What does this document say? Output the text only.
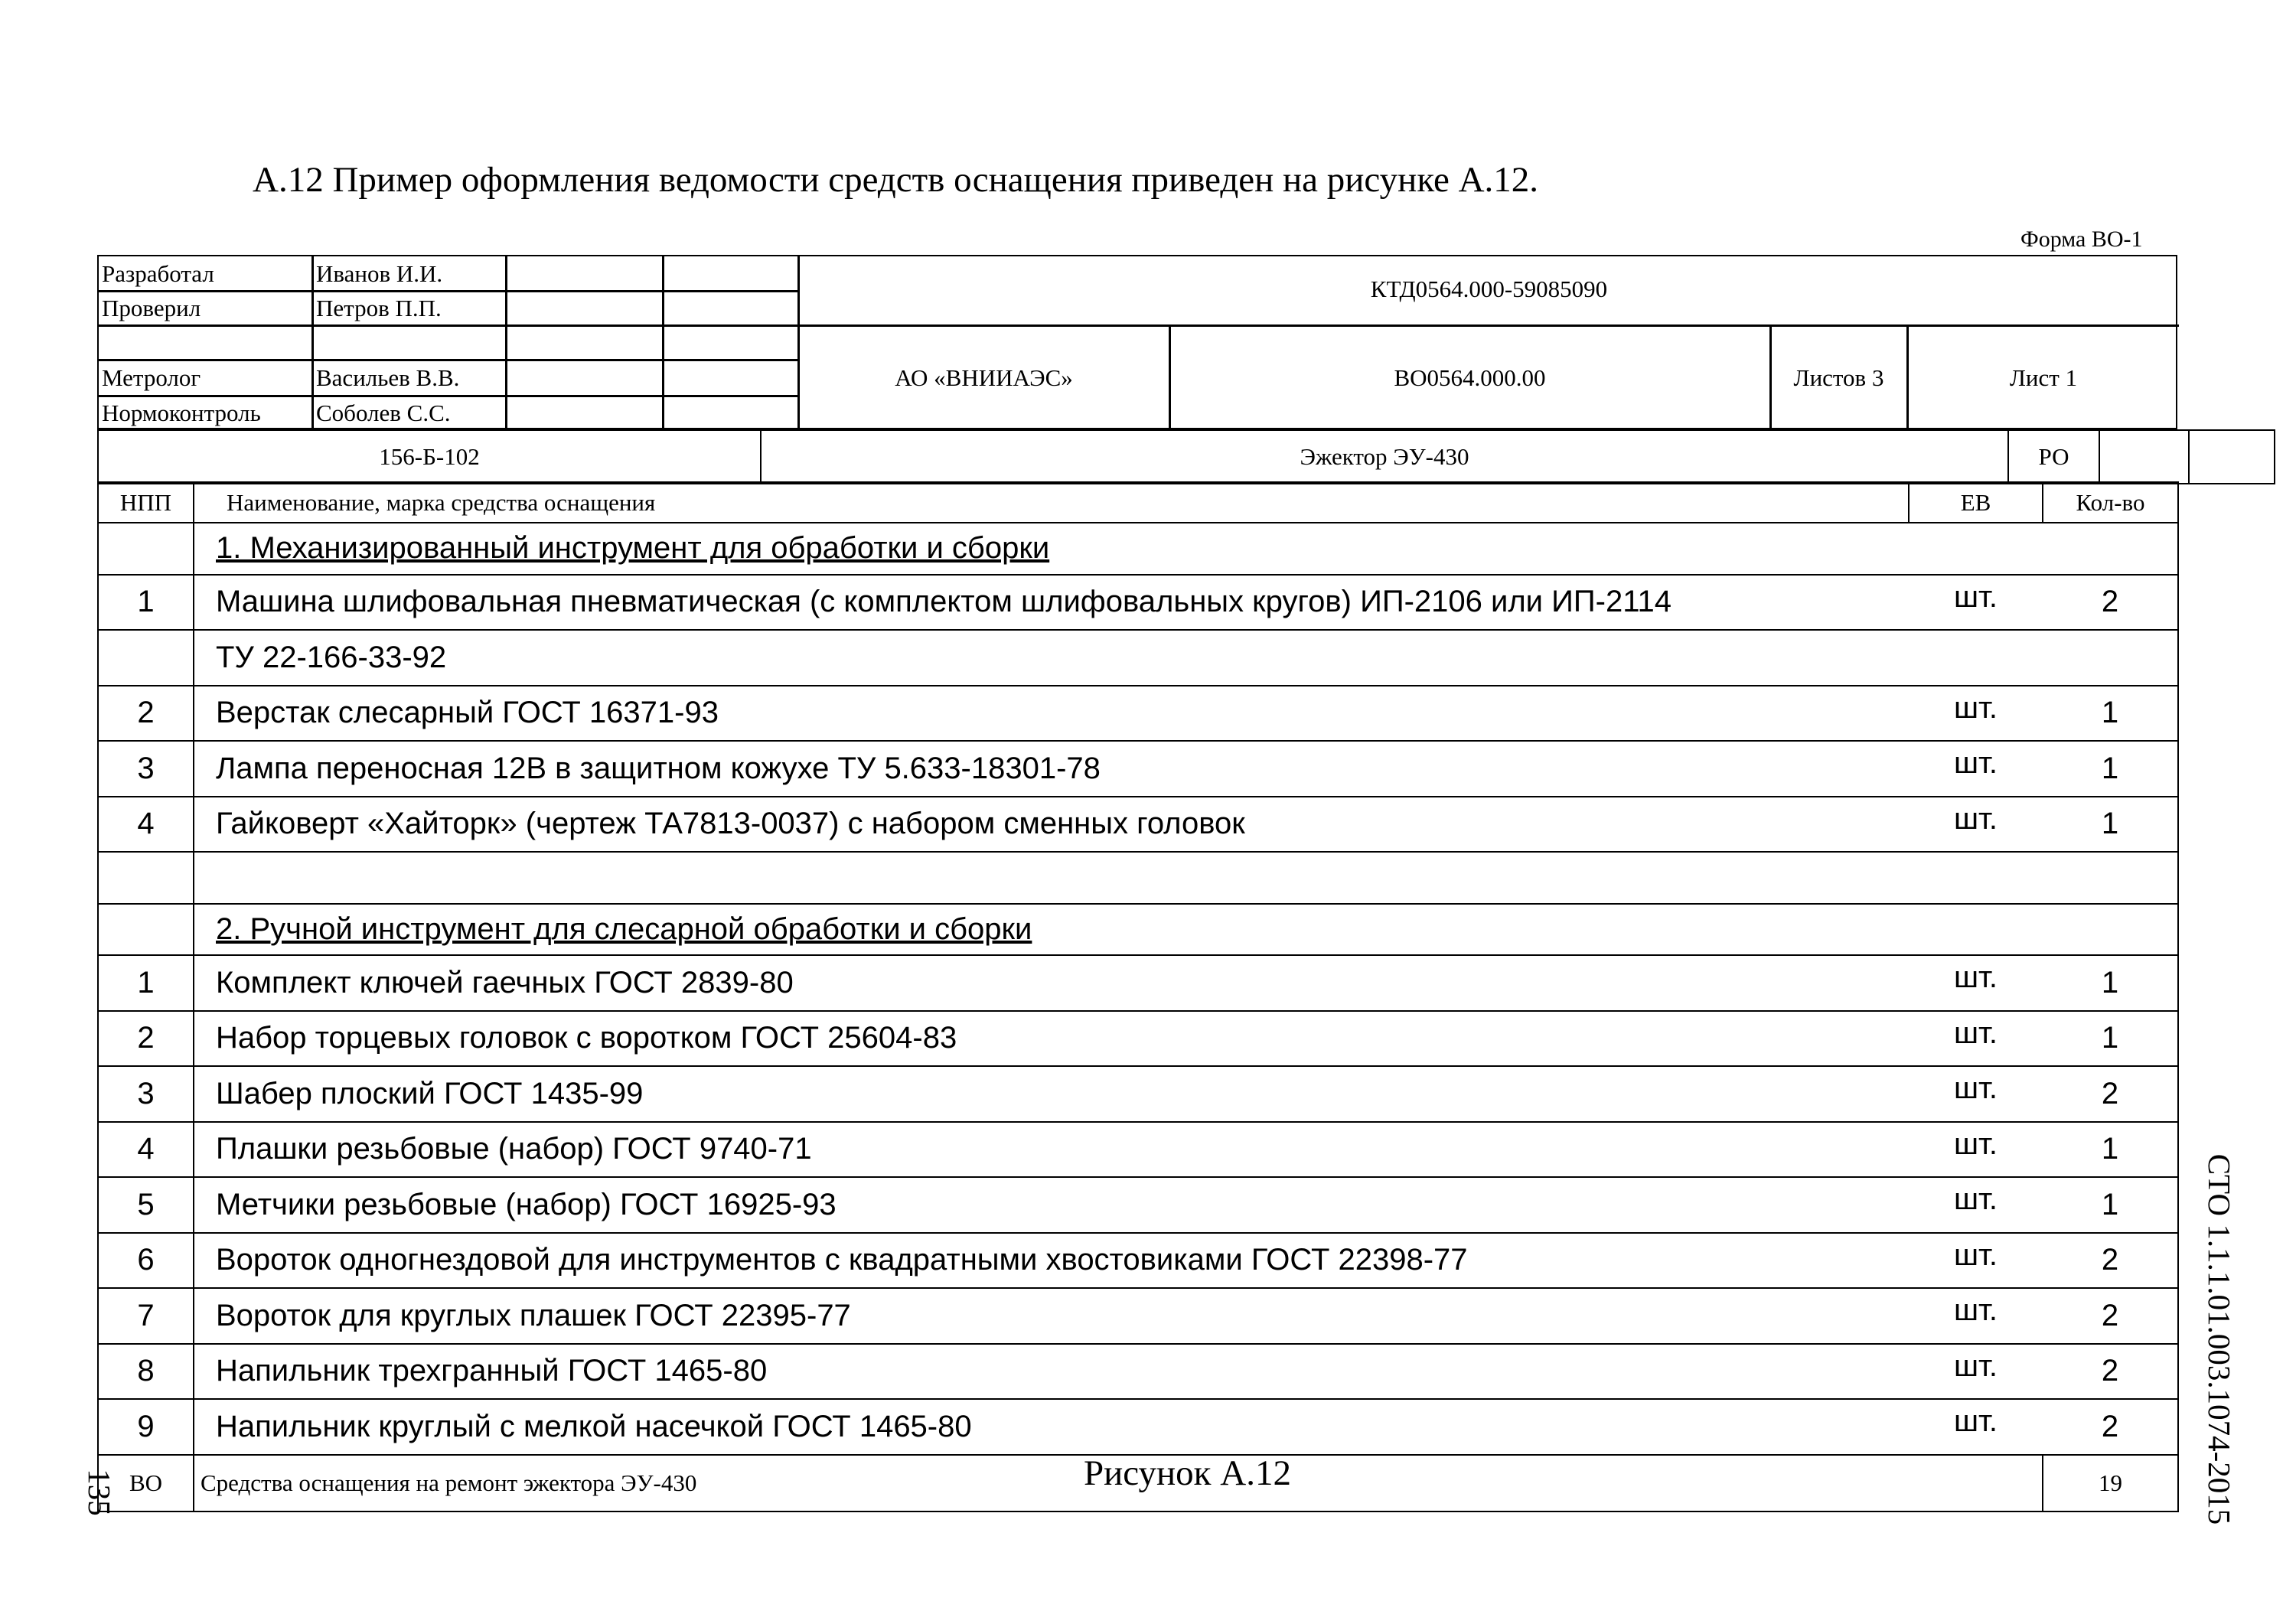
А.12 Пример оформления ведомости средств оснащения приведен на рисунке А.12.
Форма ВО-1
Разработал	Иванов И.И.
Проверил	Петров П.П.
Метролог	Васильев В.В.
Нормоконтроль Соболев С.С.
КТД0564.000-59085090
АО «ВНИИАЭС»	ВО0564.000.00	Листов 3	Лист 1
156-Б-102	Эжектор ЭУ-430	РО		
НПП	Наименование, марка средства оснащения	ЕВ	Кол-во
	1. Механизированный инструмент для обработки и сборки		
1	Машина шлифовальная пневматическая (с комплектом шлифовальных кругов) ИП-2106 или ИП-2114	шт.	2
	ТУ 22-166-33-92		
2	Верстак слесарный ГОСТ 16371-93	шт.	1
3	Лампа переносная 12В в защитном кожухе ТУ 5.633-18301-78	шт.	1
4	Гайковерт «Хайторк» (чертеж ТА7813-0037) с набором сменных головок	шт.	1

	2. Ручной инструмент для слесарной обработки и сборки		
1	Комплект ключей гаечных ГОСТ 2839-80	шт.	1
2	Набор торцевых головок с воротком ГОСТ 25604-83	шт.	1
3	Шабер плоский ГОСТ 1435-99	шт.	2
4	Плашки резьбовые (набор) ГОСТ 9740-71	шт.	1
5	Метчики резьбовые (набор) ГОСТ 16925-93	шт.	1
6	Вороток одногнездовой для инструментов с квадратными хвостовиками ГОСТ 22398-77	шт.	2
7	Вороток для круглых плашек ГОСТ 22395-77	шт.	2
8	Напильник трехгранный ГОСТ 1465-80	шт.	2
9	Напильник круглый с мелкой насечкой ГОСТ 1465-80	шт.	2
ВО	Средства оснащения на ремонт эжектора ЭУ-430		19
Рисунок А.12	СТО 1.1.1.01.003.1074-2015
135
